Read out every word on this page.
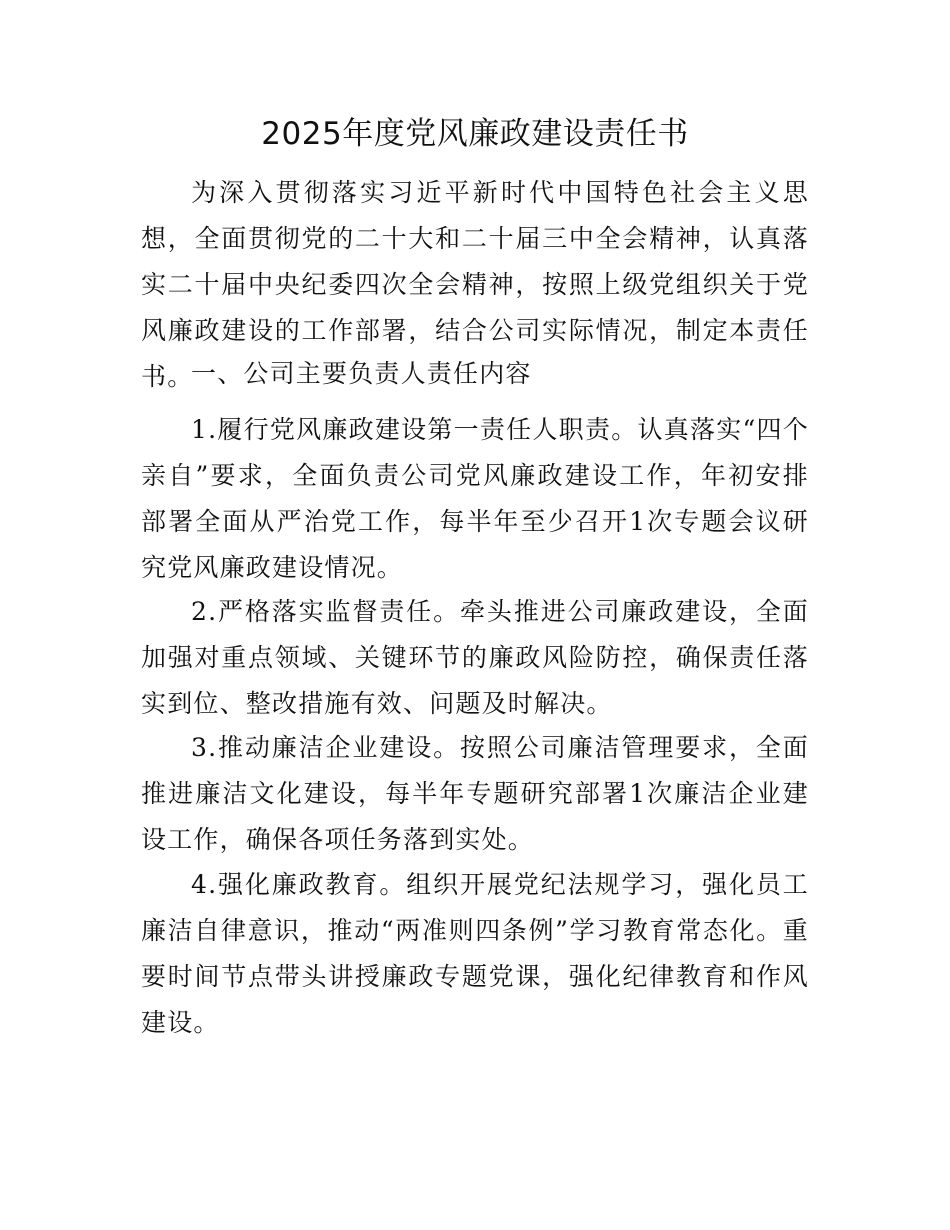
2025年度党风廉政建设责任书

为深入贯彻落实习近平新时代中国特色社会主义思想，全面贯彻党的二十大和二十届三中全会精神，认真落实二十届中央纪委四次全会精神，按照上级党组织关于党风廉政建设的工作部署，结合公司实际情况，制定本责任书。

一、公司主要负责人责任内容

1.履行党风廉政建设第一责任人职责。认真落实“四个亲自”要求，全面负责公司党风廉政建设工作，年初安排部署全面从严治党工作，每半年至少召开1次专题会议研究党风廉政建设情况。

2.严格落实监督责任。牵头推进公司廉政建设，全面加强对重点领域、关键环节的廉政风险防控，确保责任落实到位、整改措施有效、问题及时解决。

3.推动廉洁企业建设。按照公司廉洁管理要求，全面推进廉洁文化建设，每半年专题研究部署1次廉洁企业建设工作，确保各项任务落到实处。

4.强化廉政教育。组织开展党纪法规学习，强化员工廉洁自律意识，推动“两准则四条例”学习教育常态化。重要时间节点带头讲授廉政专题党课，强化纪律教育和作风建设。
